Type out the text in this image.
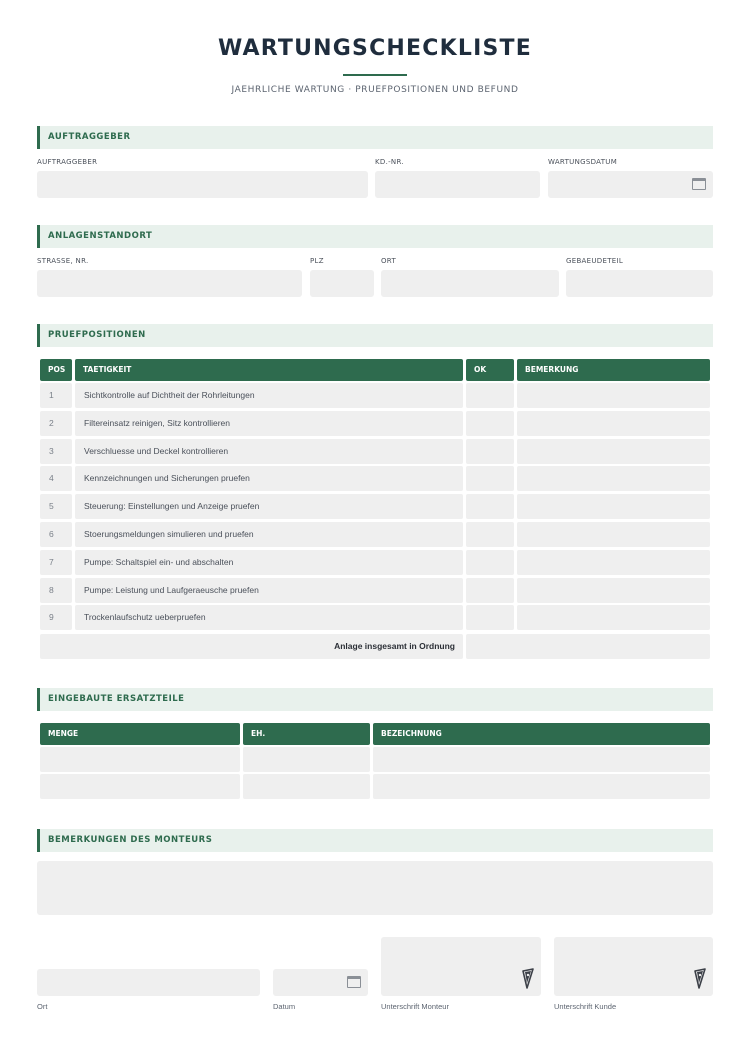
WARTUNGSCHECKLISTE
JAEHRLICHE WARTUNG · PRUEFPOSITIONEN UND BEFUND
AUFTRAGGEBER
AUFTRAGGEBER	KD.-NR.	WARTUNGSDATUM
ANLAGENSTANDORT
STRASSE, NR.	PLZ	ORT	GEBAEUDETEIL
PRUEFPOSITIONEN
POS	TAETIGKEIT	OK	BEMERKUNG
1	Sichtkontrolle auf Dichtheit der Rohrleitungen
2	Filtereinsatz reinigen, Sitz kontrollieren
3	Verschluesse und Deckel kontrollieren
4	Kennzeichnungen und Sicherungen pruefen
5	Steuerung: Einstellungen und Anzeige pruefen
6	Stoerungsmeldungen simulieren und pruefen
7	Pumpe: Schaltspiel ein- und abschalten
8	Pumpe: Leistung und Laufgeraeusche pruefen
9	Trockenlaufschutz ueberpruefen
Anlage insgesamt in Ordnung
EINGEBAUTE ERSATZTEILE
MENGE	EH.	BEZEICHNUNG
BEMERKUNGEN DES MONTEURS
Ort	Datum	Unterschrift Monteur	Unterschrift Kunde
